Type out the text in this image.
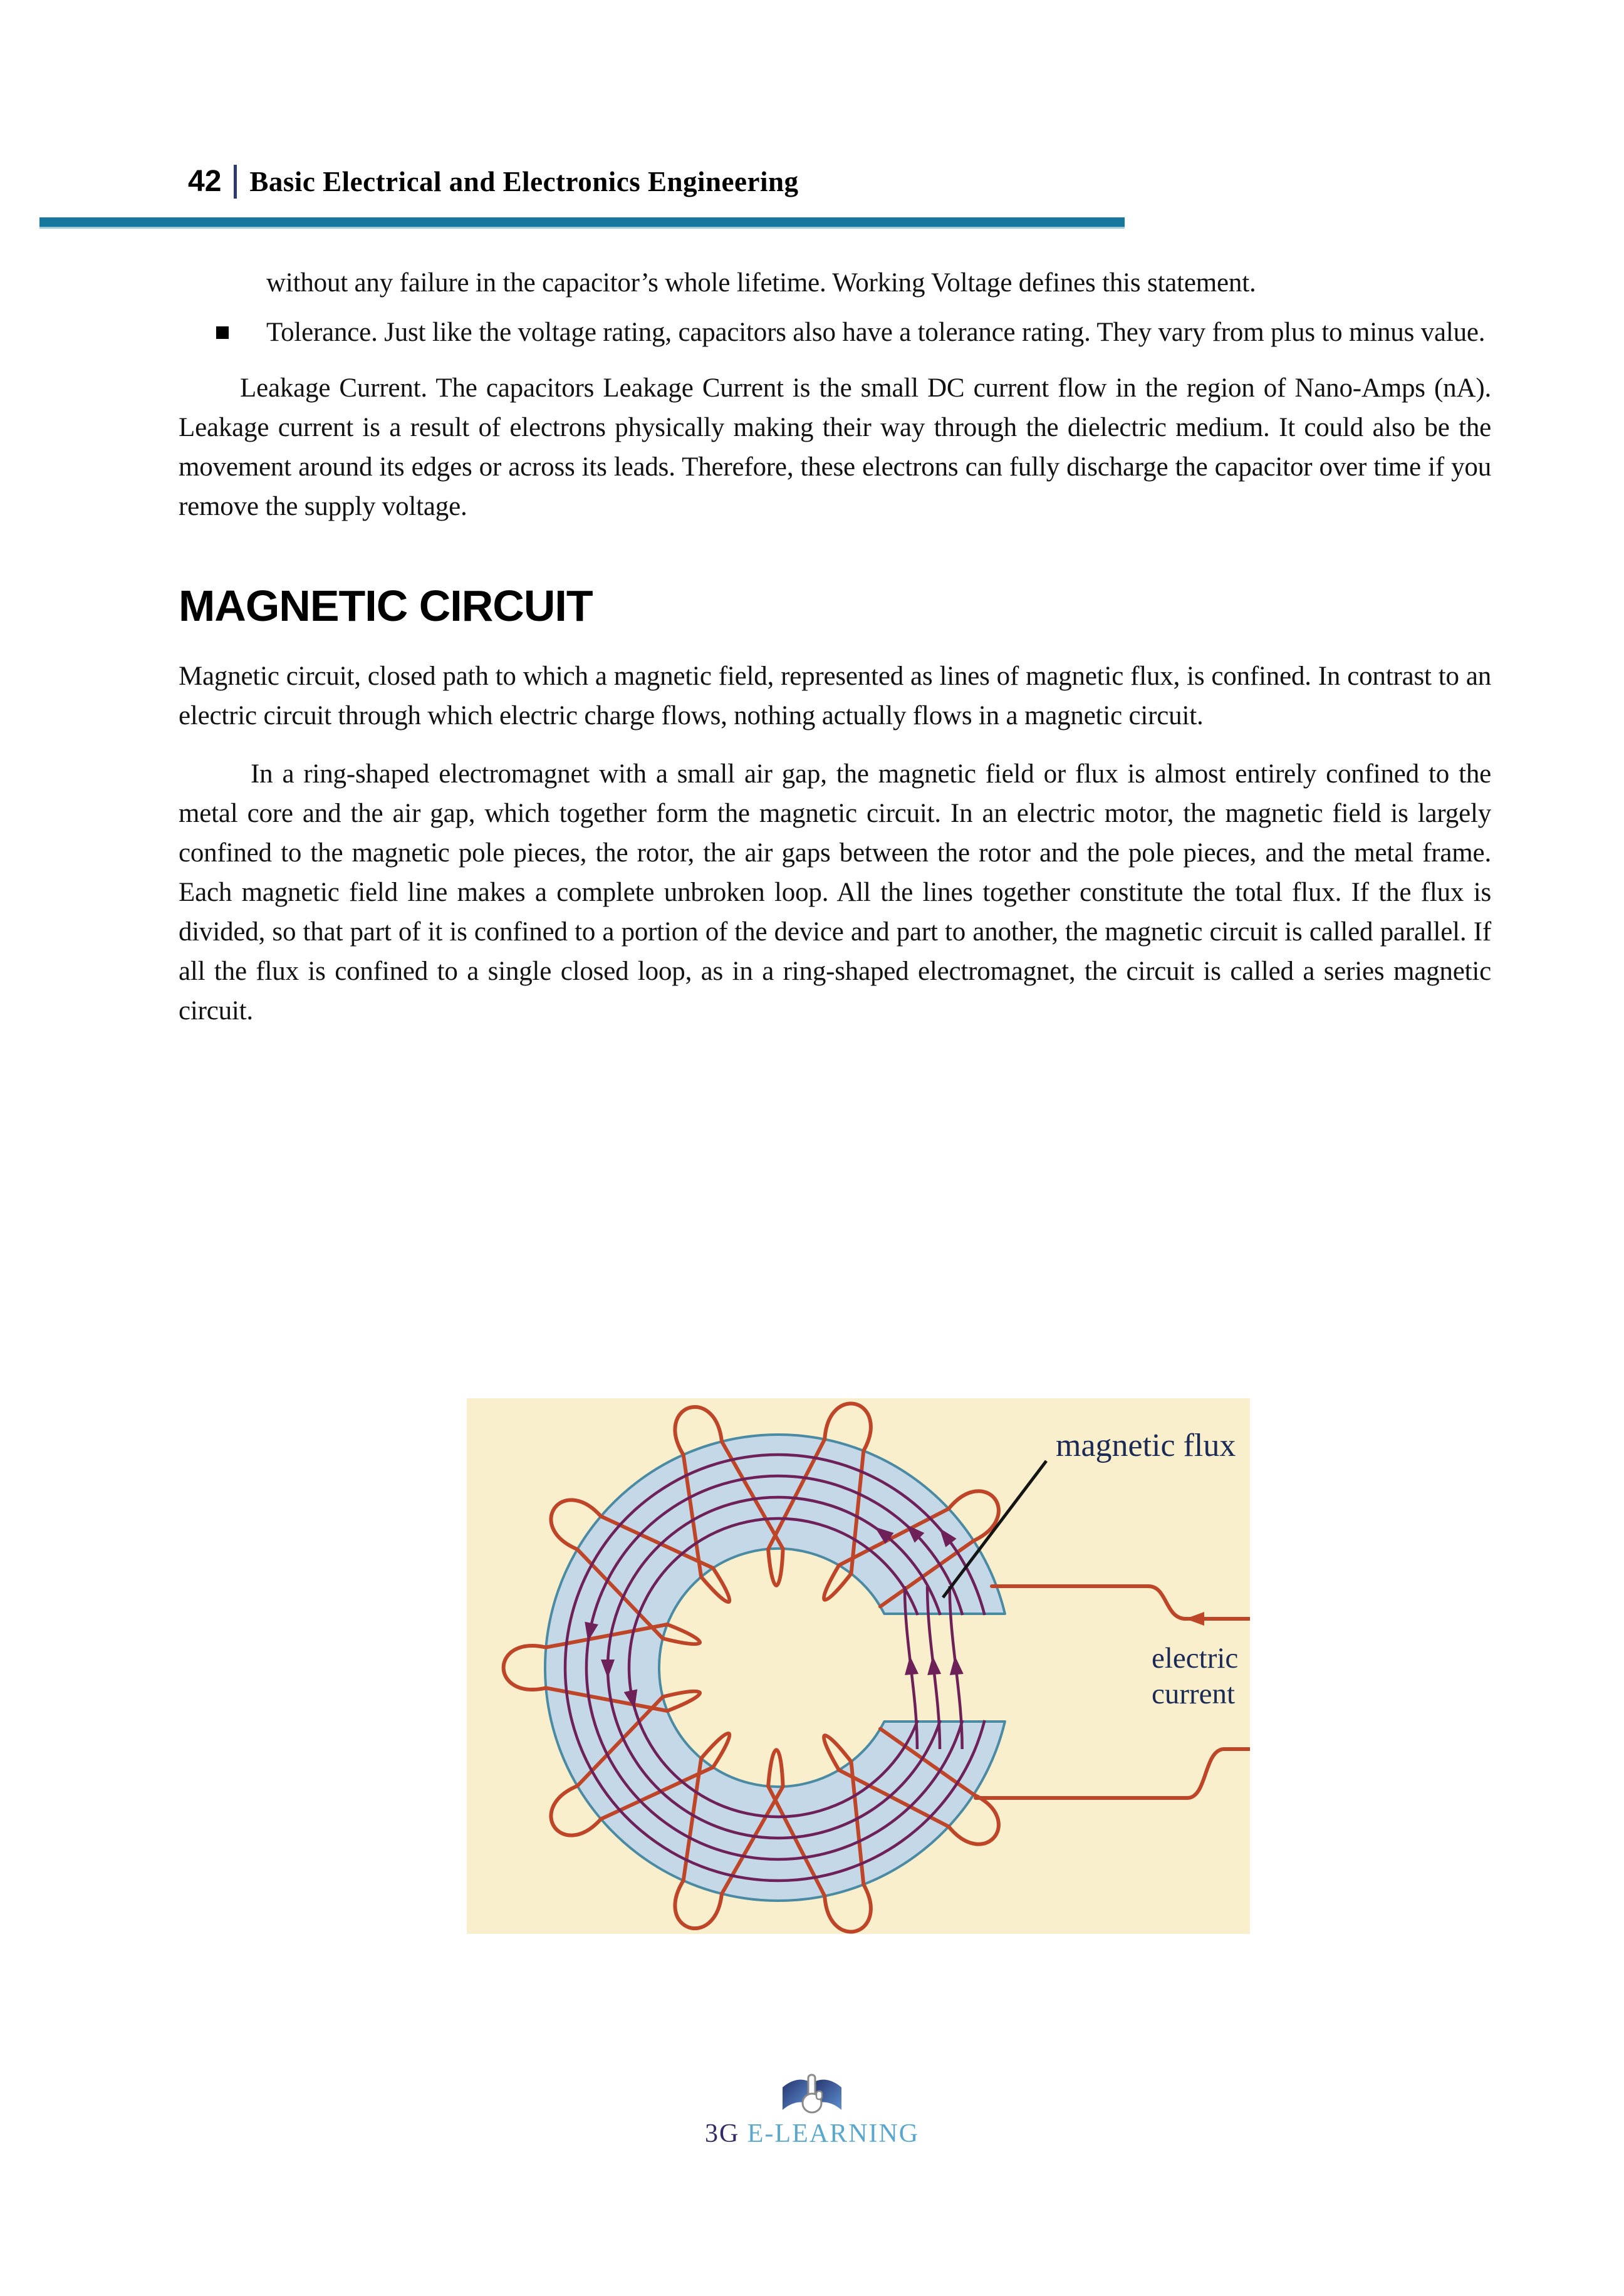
42 Basic Electrical and Electronics Engineering

without any failure in the capacitor’s whole lifetime. Working Voltage defines this statement.

Tolerance. Just like the voltage rating, capacitors also have a tolerance rating. They vary from plus to minus value.

Leakage Current. The capacitors Leakage Current is the small DC current flow in the region of Nano-Amps (nA). Leakage current is a result of electrons physically making their way through the dielectric medium. It could also be the movement around its edges or across its leads. Therefore, these electrons can fully discharge the capacitor over time if you remove the supply voltage.

MAGNETIC CIRCUIT

Magnetic circuit, closed path to which a magnetic field, represented as lines of magnetic flux, is confined. In contrast to an electric circuit through which electric charge flows, nothing actually flows in a magnetic circuit.

In a ring-shaped electromagnet with a small air gap, the magnetic field or flux is almost entirely confined to the metal core and the air gap, which together form the magnetic circuit. In an electric motor, the magnetic field is largely confined to the magnetic pole pieces, the rotor, the air gaps between the rotor and the pole pieces, and the metal frame. Each magnetic field line makes a complete unbroken loop. All the lines together constitute the total flux. If the flux is divided, so that part of it is confined to a portion of the device and part to another, the magnetic circuit is called parallel. If all the flux is confined to a single closed loop, as in a ring-shaped electromagnet, the circuit is called a series magnetic circuit.

magnetic flux
electric
current
3G E-LEARNING
